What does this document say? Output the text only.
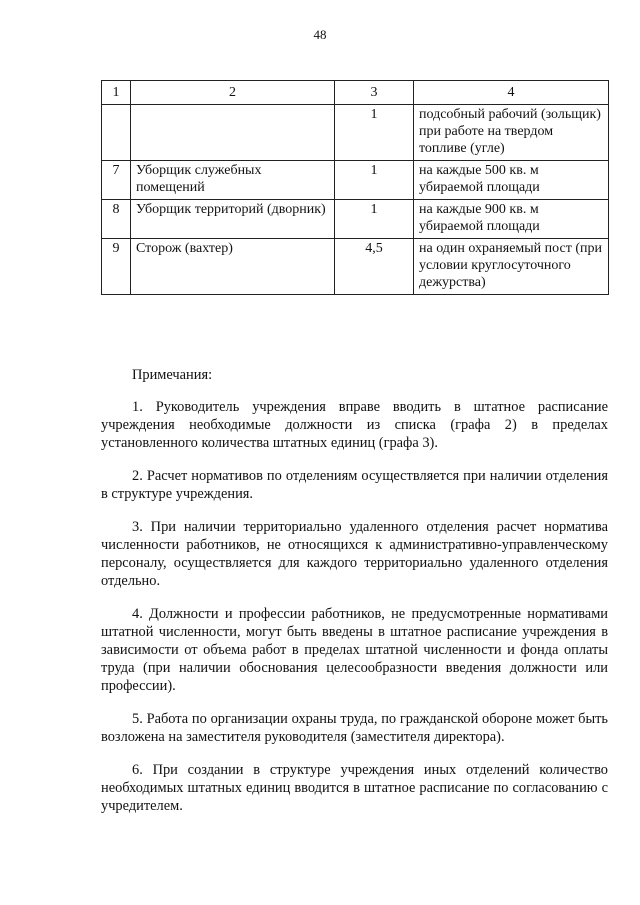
48
1	2	3	4
		1	подсобный рабочий (зольщик) при работе на твердом топливе (угле)
7	Уборщик служебных помещений	1	на каждые 500 кв. м убираемой площади
8	Уборщик территорий (дворник)	1	на каждые 900 кв. м убираемой площади
9	Сторож (вахтер)	4,5	на один охраняемый пост (при условии круглосуточного дежурства)
Примечания:

1. Руководитель учреждения вправе вводить в штатное расписание учреждения необходимые должности из списка (графа 2) в пределах установленного количества штатных единиц (графа 3).

2. Расчет нормативов по отделениям осуществляется при наличии отделения в структуре учреждения.

3. При наличии территориально удаленного отделения расчет норматива численности работников, не относящихся к административно-управленческому персоналу, осуществляется для каждого территориально удаленного отделения отдельно.

4. Должности и профессии работников, не предусмотренные нормативами штатной численности, могут быть введены в штатное расписание учреждения в зависимости от объема работ в пределах штатной численности и фонда оплаты труда (при наличии обоснования целесообразности введения должности или профессии).

5. Работа по организации охраны труда, по гражданской обороне может быть возложена на заместителя руководителя (заместителя директора).

6. При создании в структуре учреждения иных отделений количество необходимых штатных единиц вводится в штатное расписание по согласованию с учредителем.
